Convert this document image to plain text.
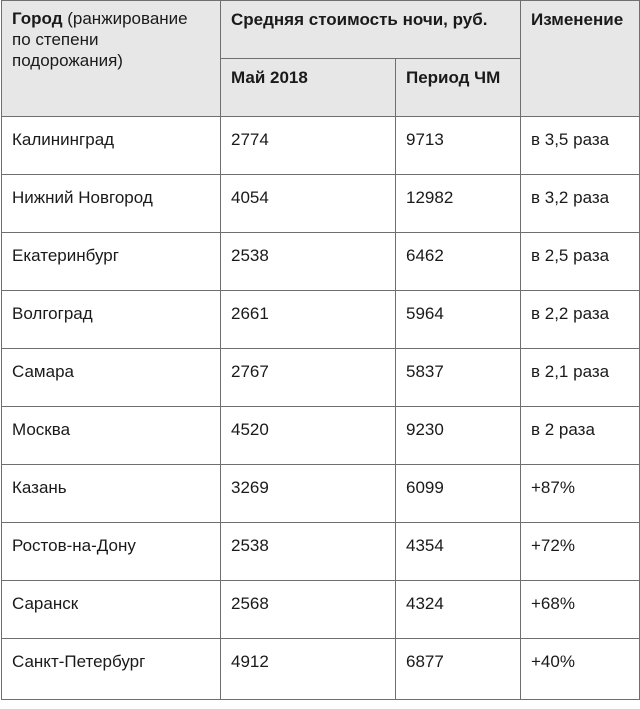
Город (ранжирование по степени подорожания)	Средняя стоимость ночи, руб.		Изменение

	Май 2018	Период ЧМ	

Калининград	2774	9713	в 3,5 раза

Нижний Новгород	4054	12982	в 3,2 раза

Екатеринбург	2538	6462	в 2,5 раза

Волгоград	2661	5964	в 2,2 раза

Самара	2767	5837	в 2,1 раза

Москва	4520	9230	в 2 раза

Казань	3269	6099	+87%

Ростов-на-Дону	2538	4354	+72%

Саранск	2568	4324	+68%

Санкт-Петербург	4912	6877	+40%
